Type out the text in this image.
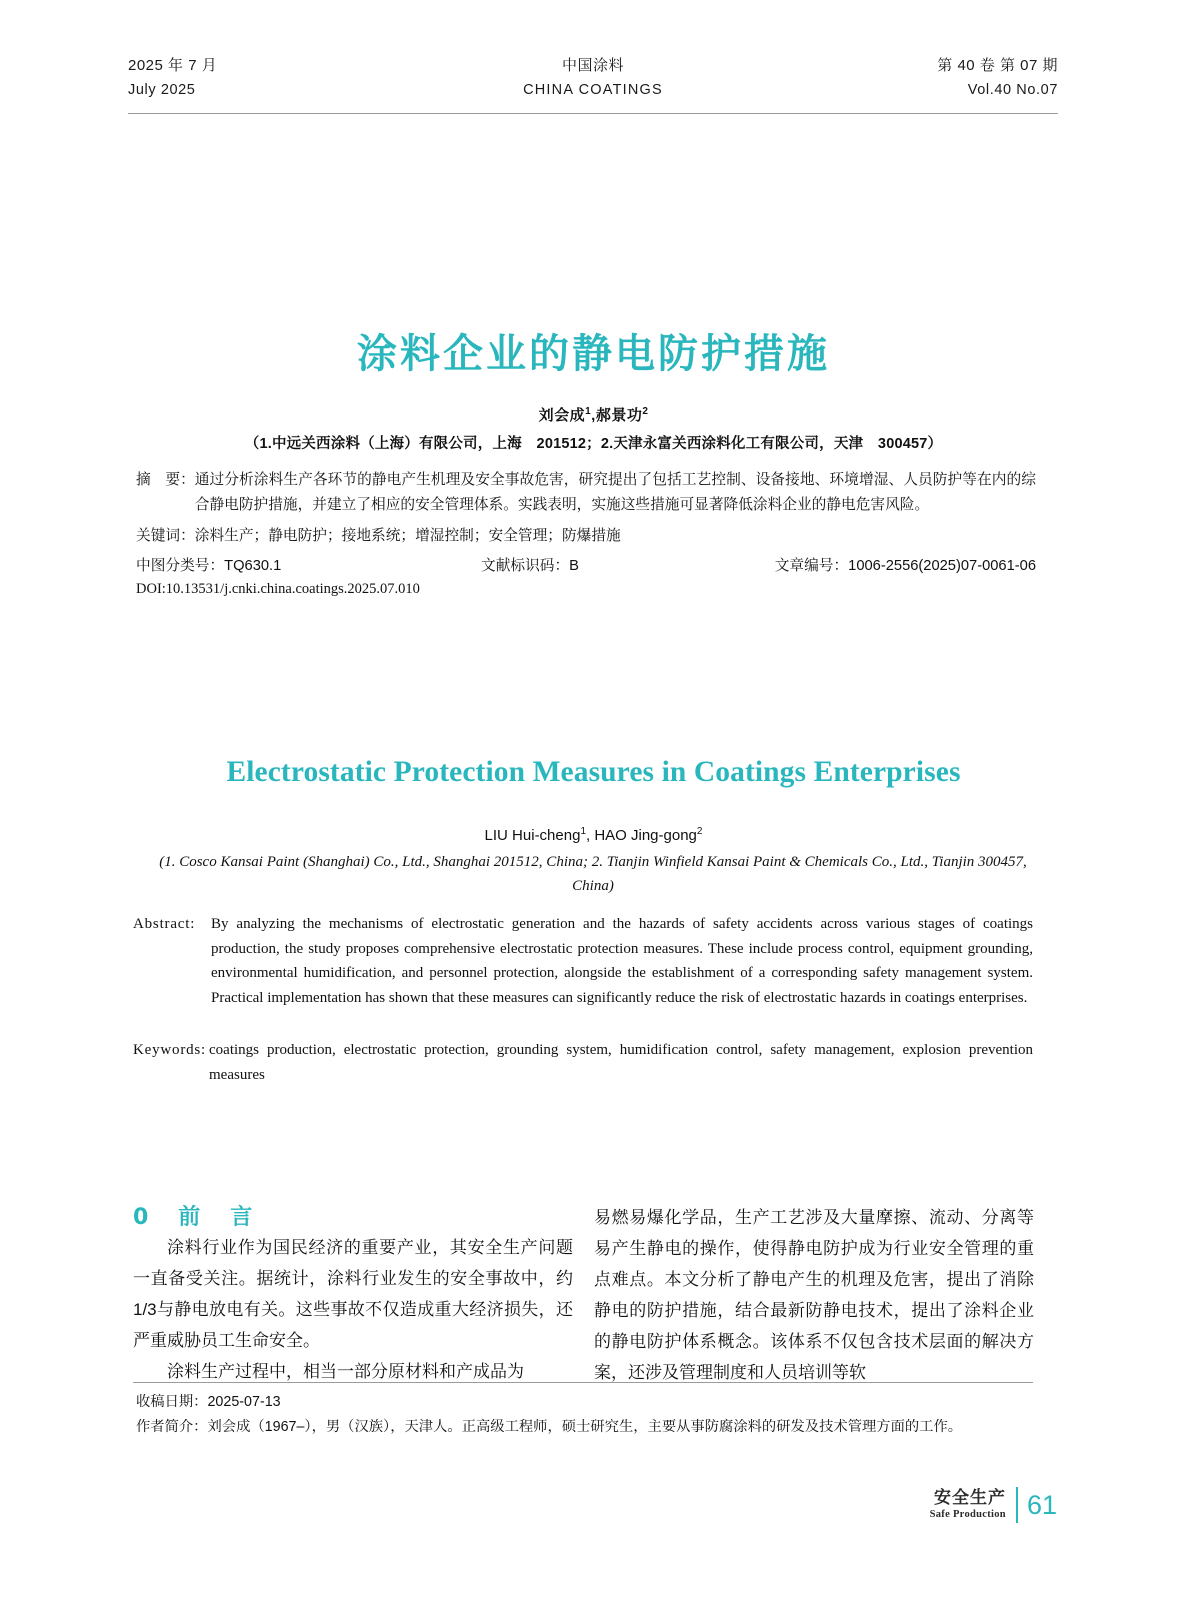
2025 年 7 月
July 2025
中国涂料
CHINA COATINGS
第 40 卷 第 07 期
Vol.40 No.07
涂料企业的静电防护措施
刘会成$^1$,郝景功$^2$
（1.中远关西涂料（上海）有限公司，上海　201512；2.天津永富关西涂料化工有限公司，天津　300457）
摘　要： 通过分析涂料生产各环节的静电产生机理及安全事故危害，研究提出了包括工艺控制、设备接地、环境增湿、人员防护等在内的综合静电防护措施，并建立了相应的安全管理体系。实践表明，实施这些措施可显著降低涂料企业的静电危害风险。
关键词：涂料生产；静电防护；接地系统；增湿控制；安全管理；防爆措施
中图分类号：TQ630.1	文献标识码：B	文章编号：1006-2556(2025)07-0061-06
DOI:10.13531/j.cnki.china.coatings.2025.07.010
Electrostatic Protection Measures in Coatings Enterprises
LIU Hui-cheng$^1$, HAO Jing-gong$^2$
(1. Cosco Kansai Paint (Shanghai) Co., Ltd., Shanghai 201512, China; 2. Tianjin Winfield Kansai Paint & Chemicals Co., Ltd., Tianjin 300457, China)
Abstract:	By analyzing the mechanisms of electrostatic generation and the hazards of safety accidents across various stages of coatings production, the study proposes comprehensive electrostatic protection measures. These include process control, equipment grounding, environmental humidification, and personnel protection, alongside the establishment of a corresponding safety management system. Practical implementation has shown that these measures can significantly reduce the risk of electrostatic hazards in coatings enterprises.
Keywords: coatings production, electrostatic protection, grounding system, humidification control, safety management, explosion prevention measures
0　前　言

涂料行业作为国民经济的重要产业，其安全生产问题一直备受关注。据统计，涂料行业发生的安全事故中，约1/3与静电放电有关。这些事故不仅造成重大经济损失，还严重威胁员工生命安全。

涂料生产过程中，相当一部分原材料和产成品为

易燃易爆化学品，生产工艺涉及大量摩擦、流动、分离等易产生静电的操作，使得静电防护成为行业安全管理的重点难点。本文分析了静电产生的机理及危害，提出了消除静电的防护措施，结合最新防静电技术，提出了涂料企业的静电防护体系概念。该体系不仅包含技术层面的解决方案，还涉及管理制度和人员培训等软

收稿日期：2025-07-13
作者简介：刘会成（1967–），男（汉族），天津人。正高级工程师，硕士研究生，主要从事防腐涂料的研发及技术管理方面的工作。
安全生产
Safe Production 61
